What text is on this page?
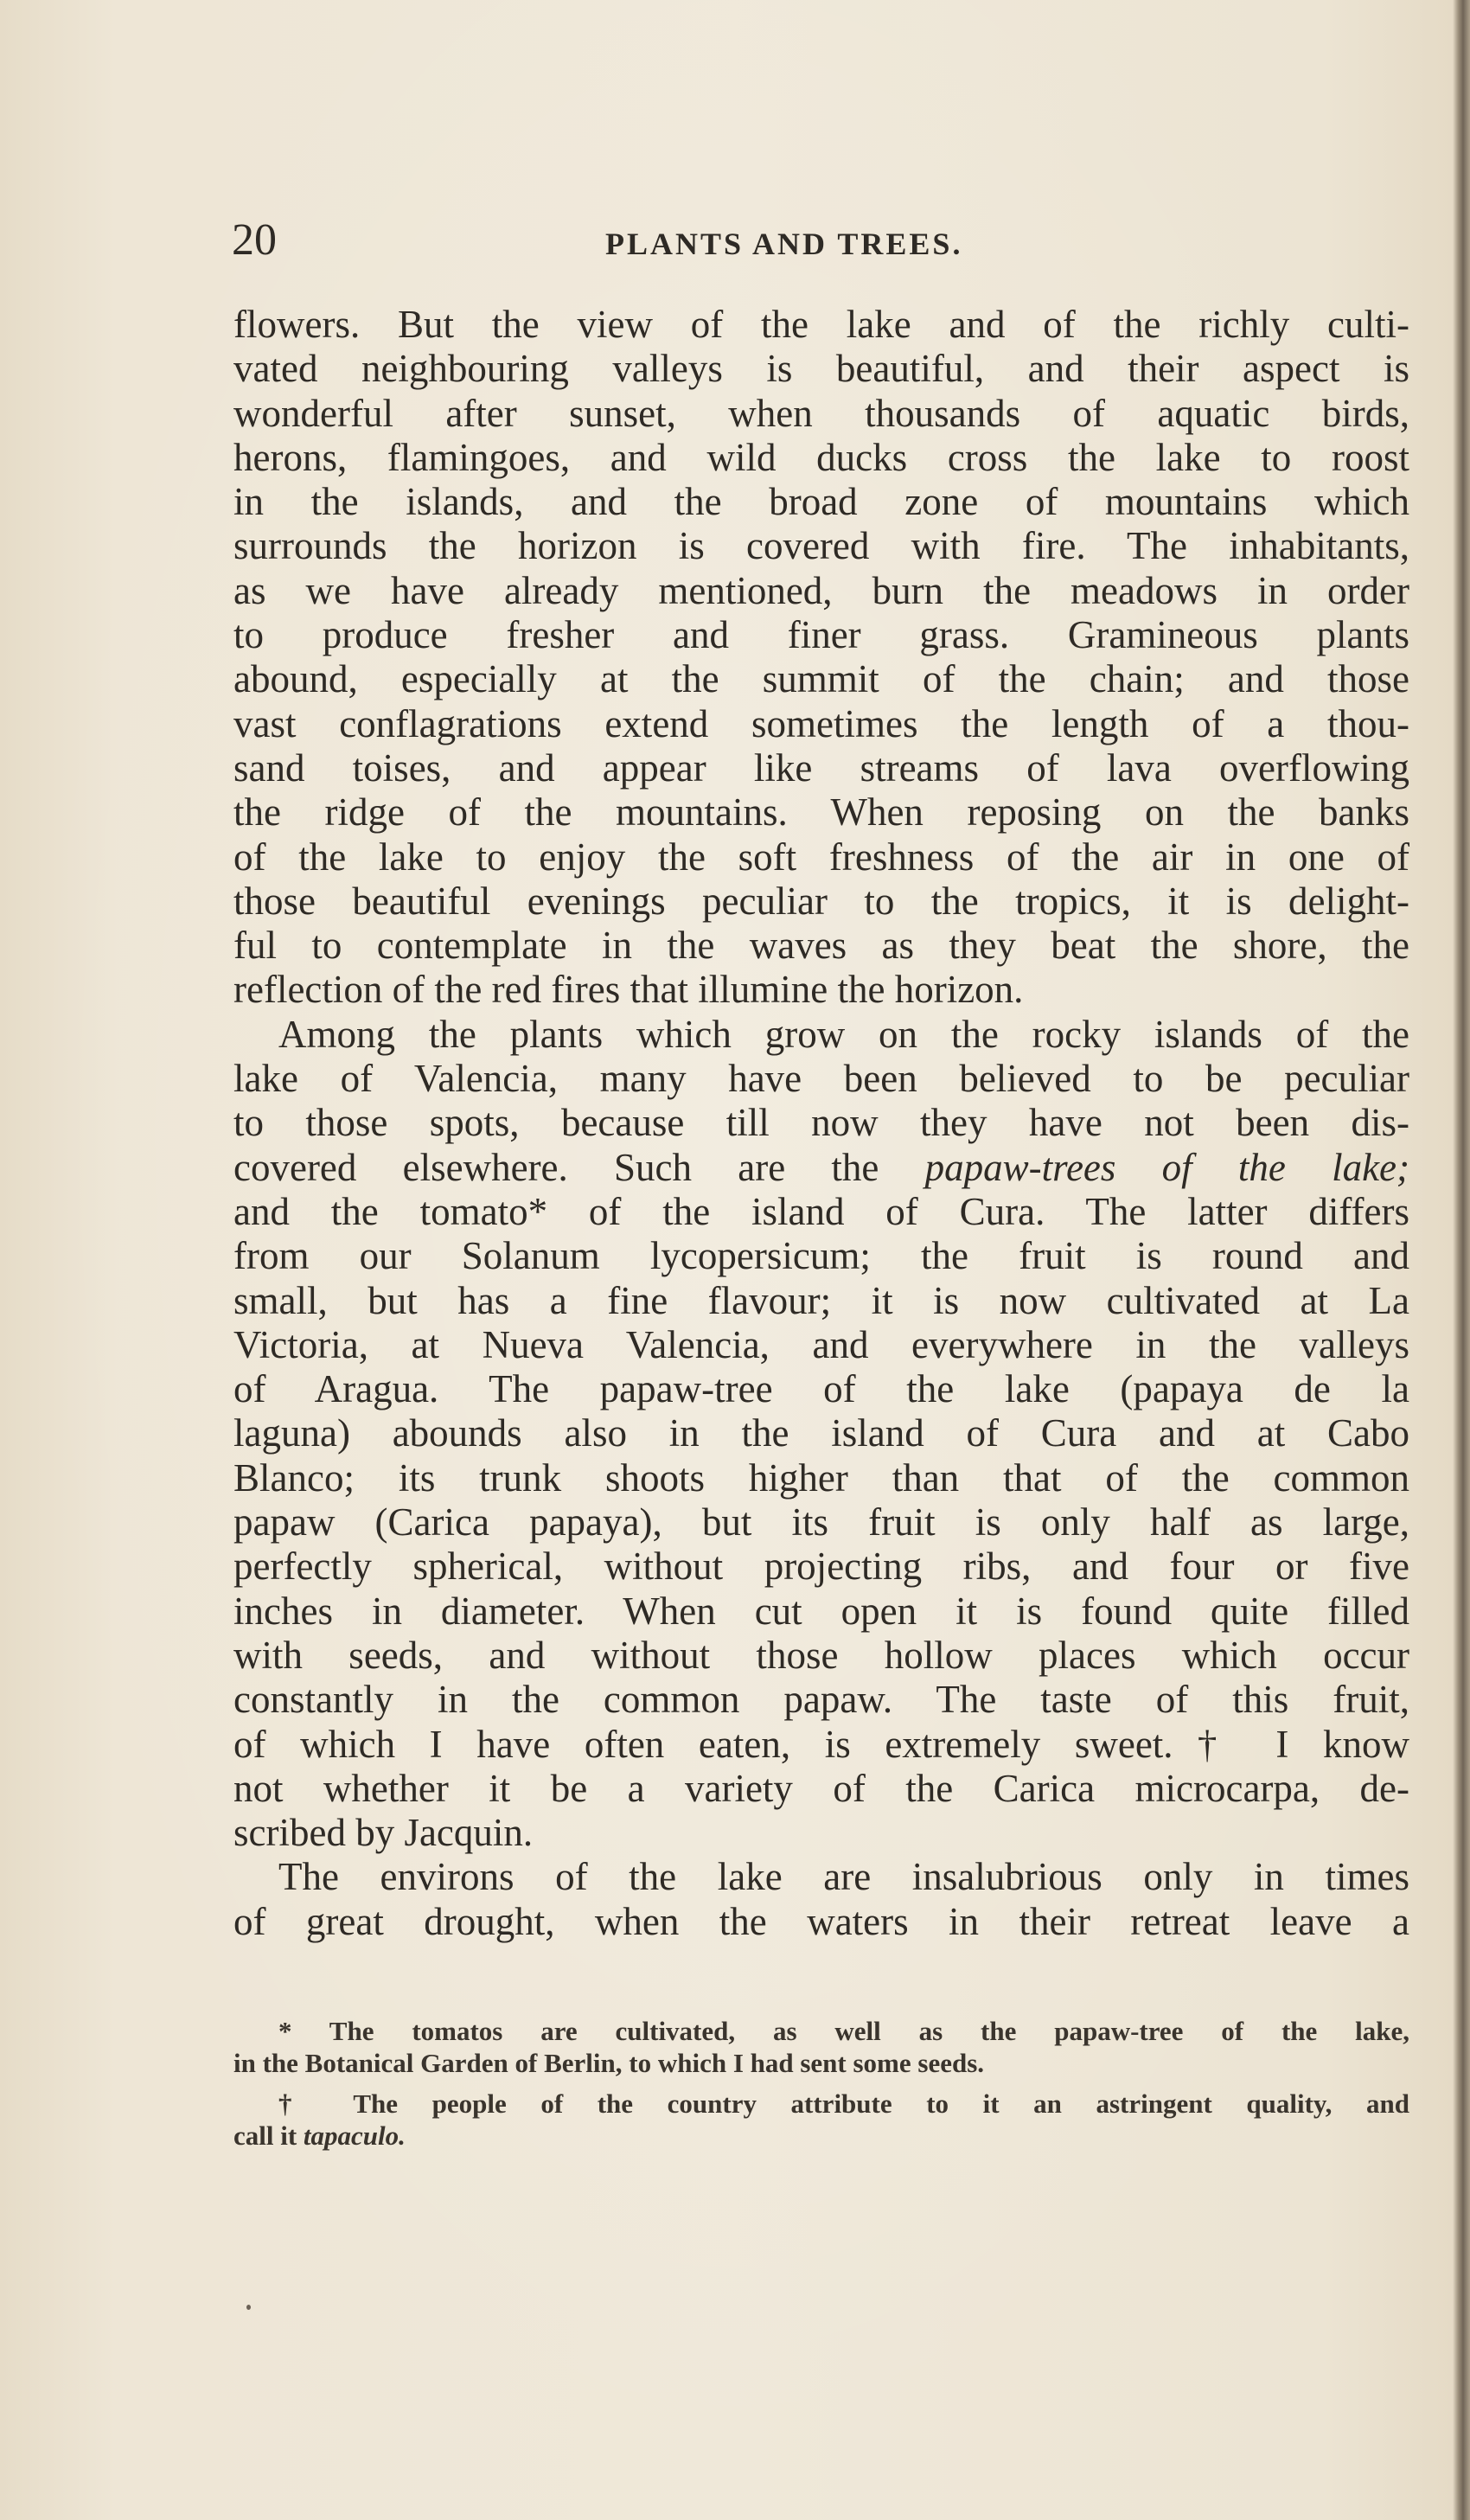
20	PLANTS AND TREES.
flowers. But the view of the lake and of the richly culti-
vated neighbouring valleys is beautiful, and their aspect is
wonderful after sunset, when thousands of aquatic birds,
herons, flamingoes, and wild ducks cross the lake to roost
in the islands, and the broad zone of mountains which
surrounds the horizon is covered with fire. The inhabitants,
as we have already mentioned, burn the meadows in order
to produce fresher and finer grass. Gramineous plants
abound, especially at the summit of the chain; and those
vast conflagrations extend sometimes the length of a thou-
sand toises, and appear like streams of lava overflowing
the ridge of the mountains. When reposing on the banks
of the lake to enjoy the soft freshness of the air in one of
those beautiful evenings peculiar to the tropics, it is delight-
ful to contemplate in the waves as they beat the shore, the
reflection of the red fires that illumine the horizon.
Among the plants which grow on the rocky islands of the
lake of Valencia, many have been believed to be peculiar
to those spots, because till now they have not been dis-
covered elsewhere. Such are the papaw-trees of the lake;
and the tomato* of the island of Cura. The latter differs
from our Solanum lycopersicum; the fruit is round and
small, but has a fine flavour; it is now cultivated at La
Victoria, at Nueva Valencia, and everywhere in the valleys
of Aragua. The papaw-tree of the lake (papaya de la
laguna) abounds also in the island of Cura and at Cabo
Blanco; its trunk shoots higher than that of the common
papaw (Carica papaya), but its fruit is only half as large,
perfectly spherical, without projecting ribs, and four or five
inches in diameter. When cut open it is found quite filled
with seeds, and without those hollow places which occur
constantly in the common papaw. The taste of this fruit,
of which I have often eaten, is extremely sweet.† I know
not whether it be a variety of the Carica microcarpa, de-
scribed by Jacquin.
The environs of the lake are insalubrious only in times
of great drought, when the waters in their retreat leave a
* The tomatos are cultivated, as well as the papaw-tree of the lake,
in the Botanical Garden of Berlin, to which I had sent some seeds.
† The people of the country attribute to it an astringent quality, and
call it tapaculo.
